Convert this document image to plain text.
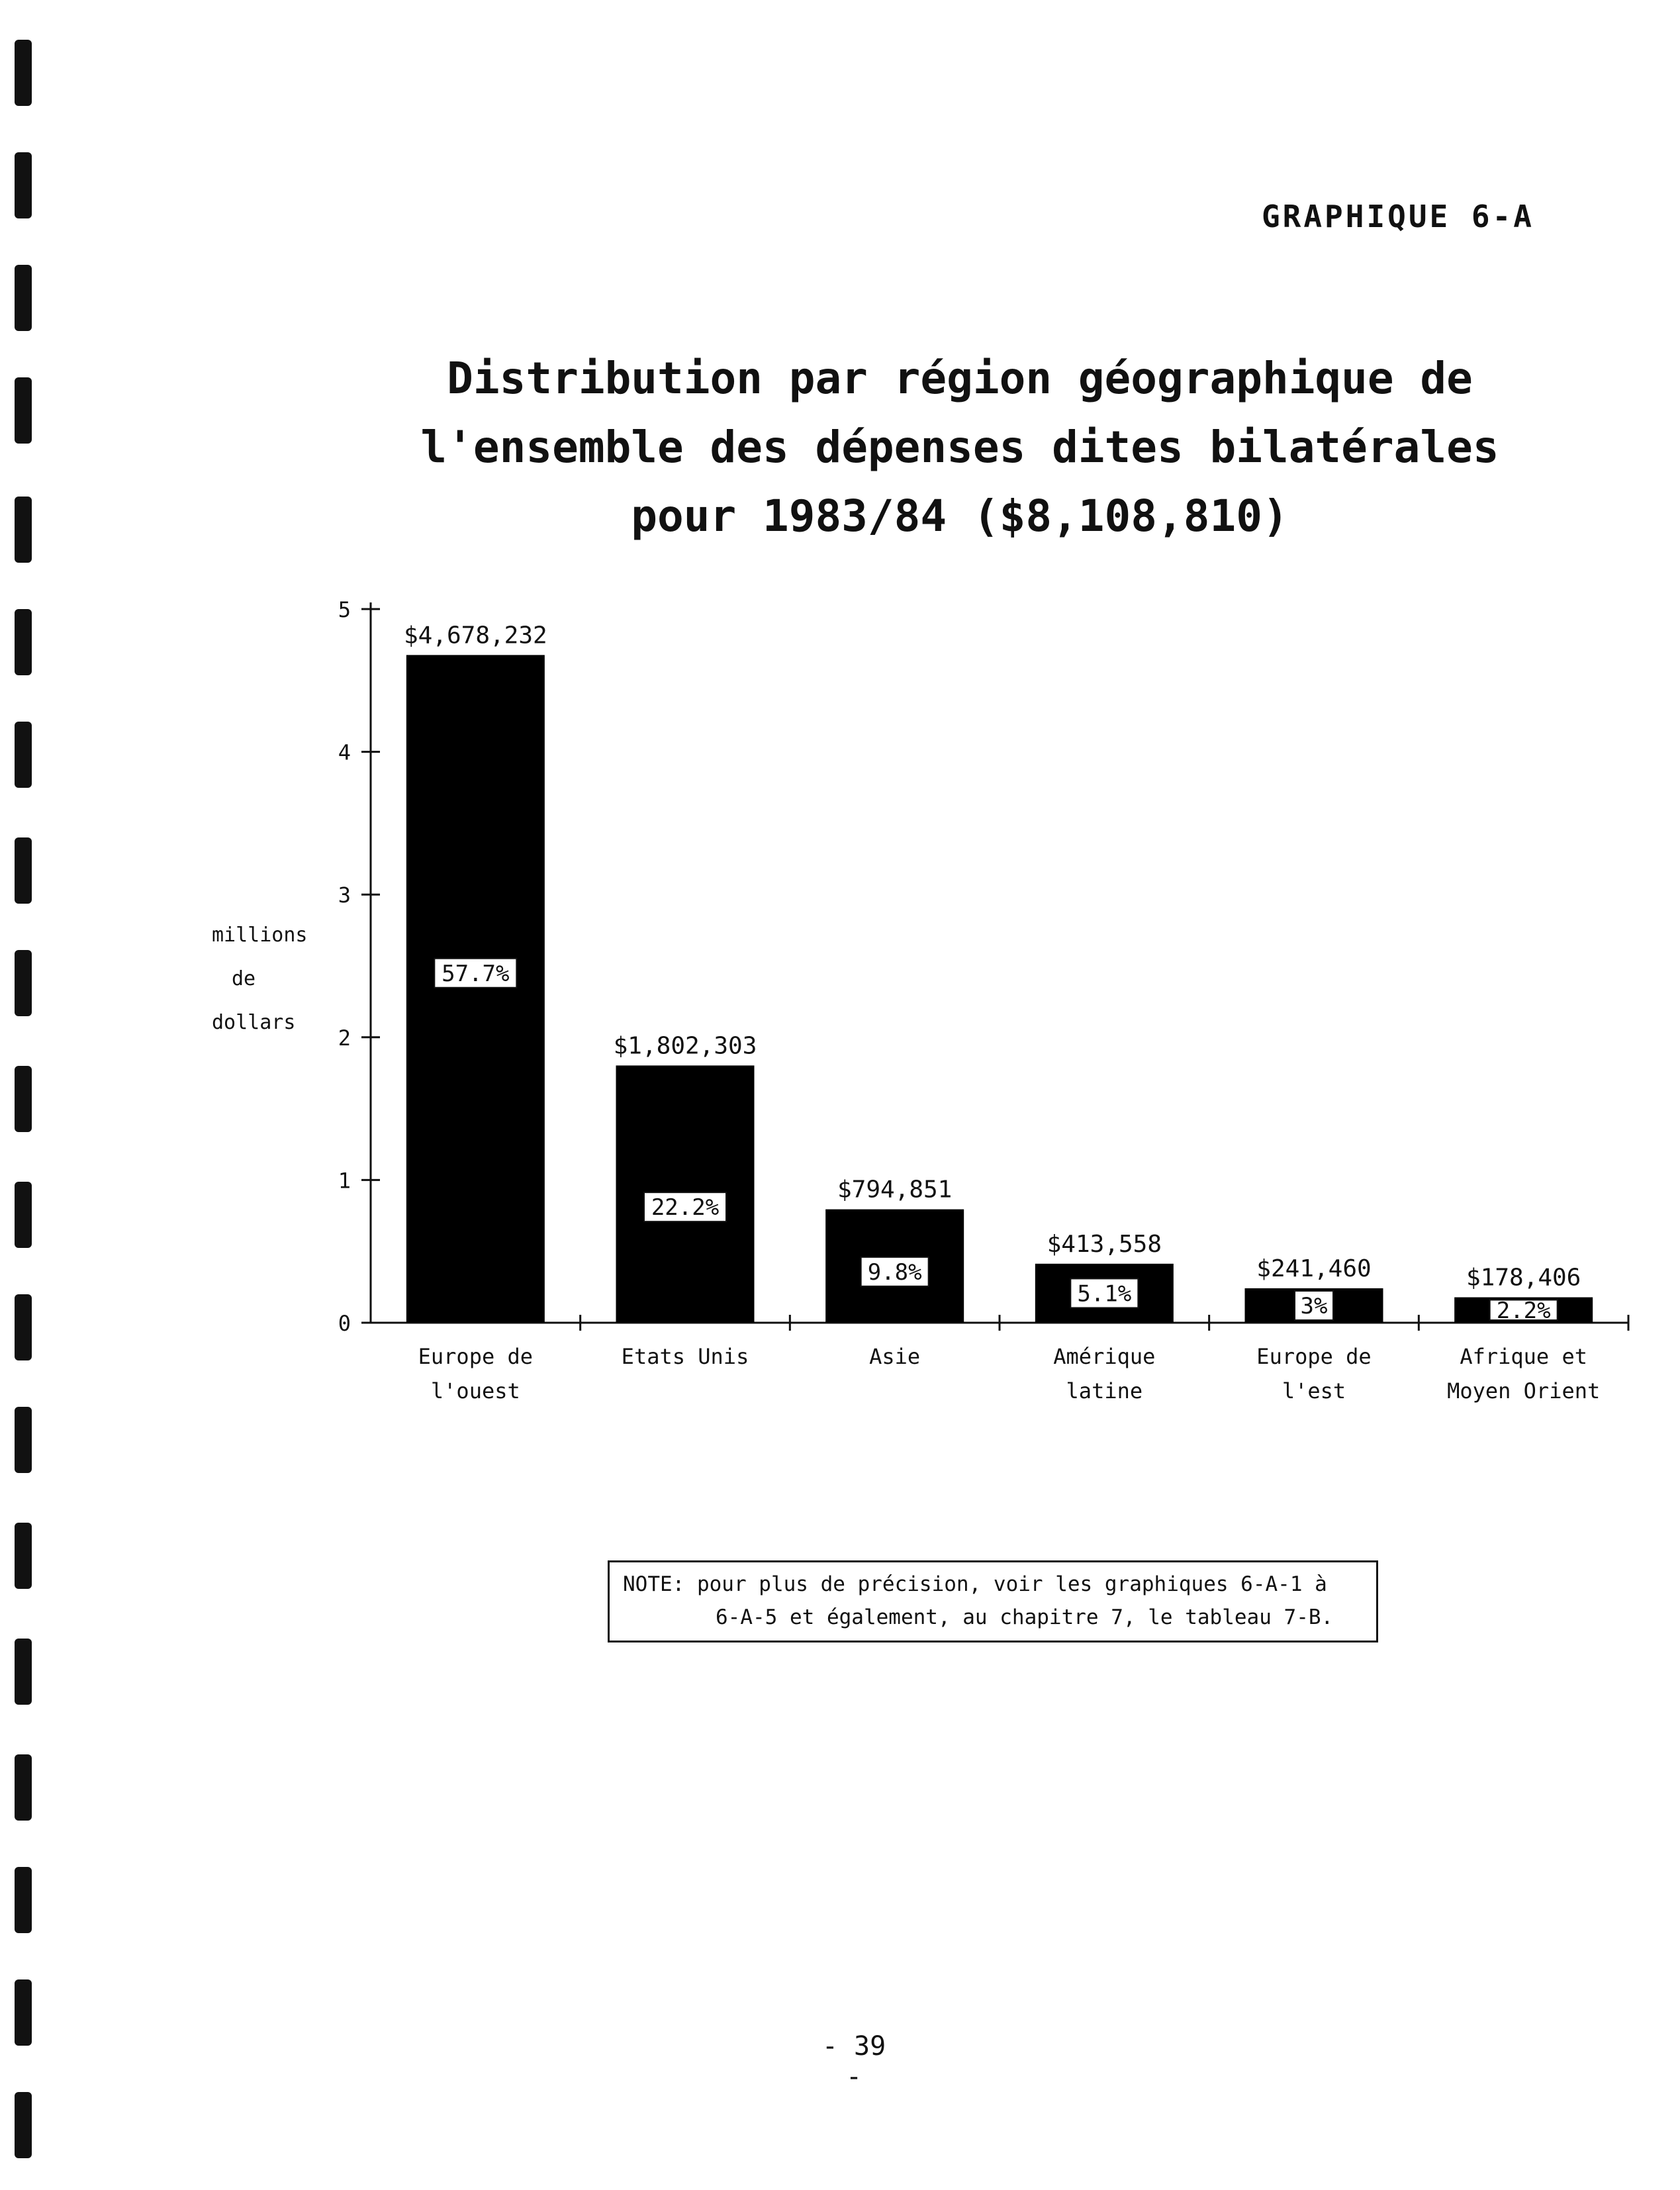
GRAPHIQUE 6-A
Distribution par région géographique de
l'ensemble des dépenses dites bilatérales
pour 1983/84 ($8,108,810)
millions
de
dollars
0
1
2
3
4
5
$4,678,232
57.7%
Europe de
l'ouest
$1,802,303
22.2%
Etats Unis
$794,851
9.8%
Asie
$413,558
5.1%
Amérique
latine
$241,460
3%
Europe de
l'est
$178,406
2.2%
Afrique et
Moyen Orient
NOTE: pour plus de précision, voir les graphiques 6-A-1 à
6-A-5 et également, au chapitre 7, le tableau 7-B.
- 39 -
